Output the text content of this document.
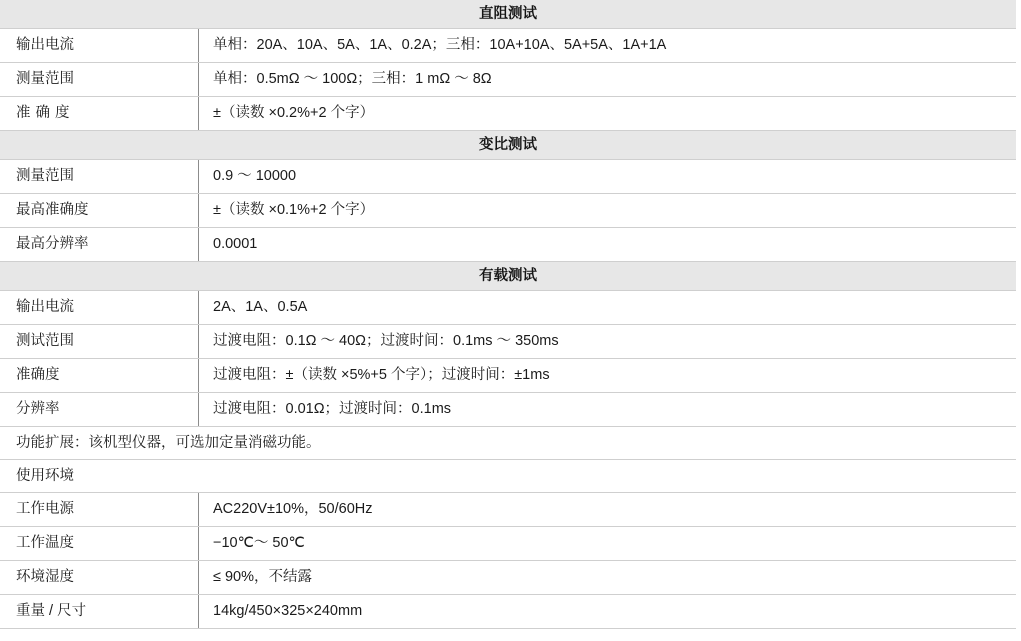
直阻测试
输出电流	单相：20A、10A、5A、1A、0.2A；三相：10A+10A、5A+5A、1A+1A
测量范围	单相：0.5mΩ ～ 100Ω；三相：1 mΩ ～ 8Ω
准 确 度	±（读数 ×0.2%+2 个字）
变比测试
测量范围	0.9 ～ 10000
最高准确度	±（读数 ×0.1%+2 个字）
最高分辨率	0.0001
有载测试
输出电流	2A、1A、0.5A
测试范围	过渡电阻：0.1Ω ～ 40Ω；过渡时间：0.1ms ～ 350ms
准确度	过渡电阻：±（读数 ×5%+5 个字）；过渡时间：±1ms
分辨率	过渡电阻：0.01Ω；过渡时间：0.1ms
功能扩展：该机型仪器，可选加定量消磁功能。
使用环境
工作电源	AC220V±10%，50/60Hz
工作温度	−10℃～ 50℃
环境湿度	≤ 90%，不结露
重量 / 尺寸	14kg/450×325×240mm
